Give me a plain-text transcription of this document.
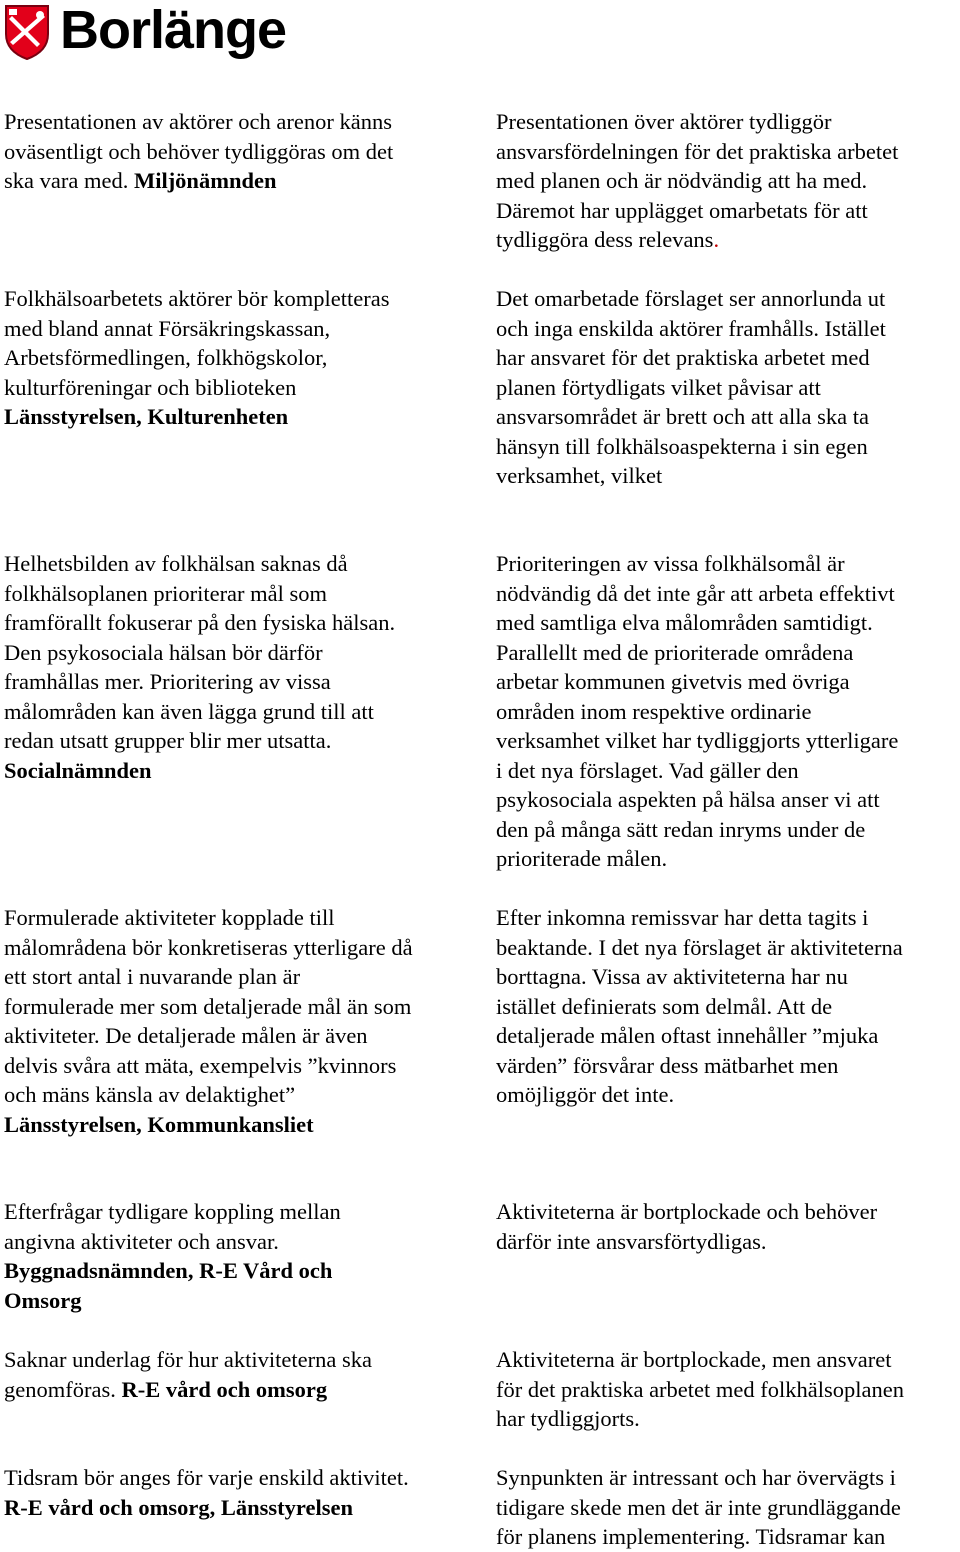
Borlänge
Presentationen av aktörer och arenor känns
oväsentligt och behöver tydliggöras om det
ska vara med. Miljönämnden
Presentationen över aktörer tydliggör
ansvarsfördelningen för det praktiska arbetet
med planen och är nödvändig att ha med.
Däremot har upplägget omarbetats för att
tydliggöra dess relevans.
Folkhälsoarbetets aktörer bör kompletteras
med bland annat Försäkringskassan,
Arbetsförmedlingen, folkhögskolor,
kulturföreningar och biblioteken
Länsstyrelsen, Kulturenheten
Det omarbetade förslaget ser annorlunda ut
och inga enskilda aktörer framhålls. Istället
har ansvaret för det praktiska arbetet med
planen förtydligats vilket påvisar att
ansvarsområdet är brett och att alla ska ta
hänsyn till folkhälsoaspekterna i sin egen
verksamhet, vilket
Helhetsbilden av folkhälsan saknas då
folkhälsoplanen prioriterar mål som
framförallt fokuserar på den fysiska hälsan.
Den psykosociala hälsan bör därför
framhållas mer. Prioritering av vissa
målområden kan även lägga grund till att
redan utsatt grupper blir mer utsatta.
Socialnämnden
Prioriteringen av vissa folkhälsomål är
nödvändig då det inte går att arbeta effektivt
med samtliga elva målområden samtidigt.
Parallellt med de prioriterade områdena
arbetar kommunen givetvis med övriga
områden inom respektive ordinarie
verksamhet vilket har tydliggjorts ytterligare
i det nya förslaget. Vad gäller den
psykosociala aspekten på hälsa anser vi att
den på många sätt redan inryms under de
prioriterade målen.
Formulerade aktiviteter kopplade till
målområdena bör konkretiseras ytterligare då
ett stort antal i nuvarande plan är
formulerade mer som detaljerade mål än som
aktiviteter. De detaljerade målen är även
delvis svåra att mäta, exempelvis ”kvinnors
och mäns känsla av delaktighet”
Länsstyrelsen, Kommunkansliet
Efter inkomna remissvar har detta tagits i
beaktande. I det nya förslaget är aktiviteterna
borttagna. Vissa av aktiviteterna har nu
istället definierats som delmål. Att de
detaljerade målen oftast innehåller ”mjuka
värden” försvårar dess mätbarhet men
omöjliggör det inte.
Efterfrågar tydligare koppling mellan
angivna aktiviteter och ansvar.
Byggnadsnämnden, R-E Vård och
Omsorg
Aktiviteterna är bortplockade och behöver
därför inte ansvarsförtydligas.
Saknar underlag för hur aktiviteterna ska
genomföras. R-E vård och omsorg
Aktiviteterna är bortplockade, men ansvaret
för det praktiska arbetet med folkhälsoplanen
har tydliggjorts.
Tidsram bör anges för varje enskild aktivitet.
R-E vård och omsorg, Länsstyrelsen
Synpunkten är intressant och har övervägts i
tidigare skede men det är inte grundläggande
för planens implementering. Tidsramar kan
